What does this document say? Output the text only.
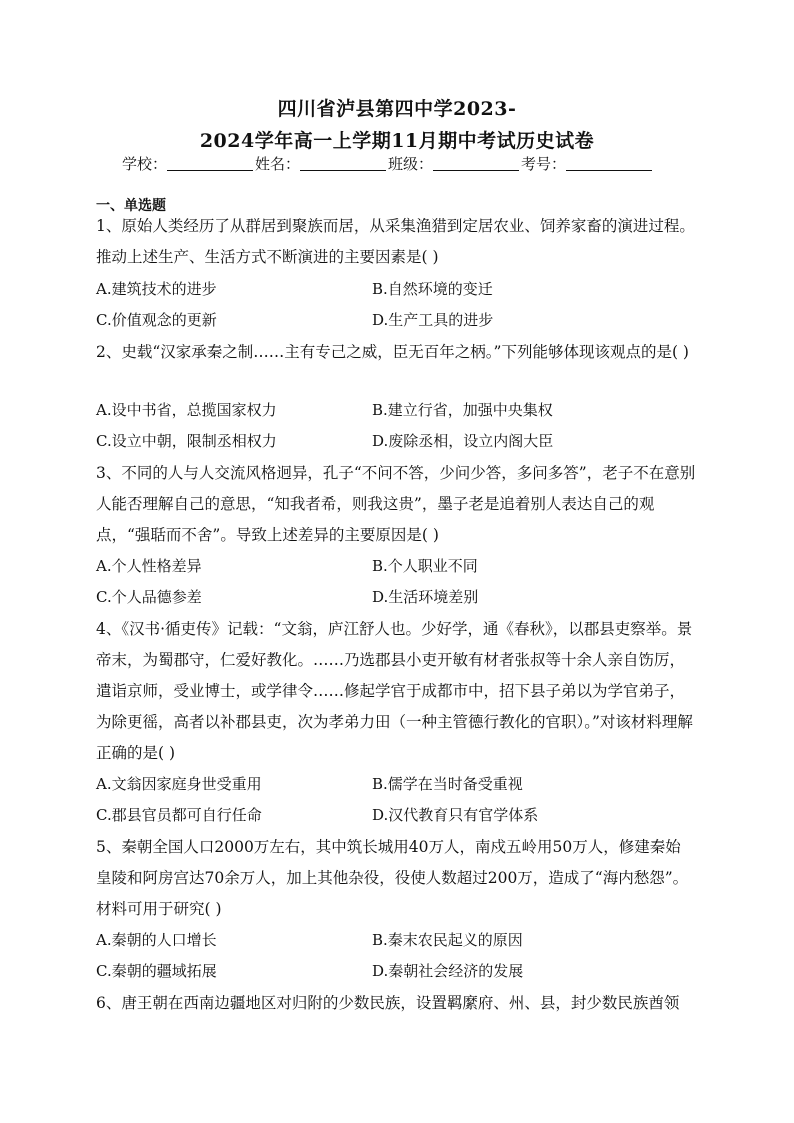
四川省泸县第四中学2023-
2024学年高一上学期11月期中考试历史试卷
学校：	姓名：	班级：	考号：
一、单选题
1、原始人类经历了从群居到聚族而居，从采集渔猎到定居农业、饲养家畜的演进过程。推动上述生产、生活方式不断演进的主要因素是( )
A.建筑技术的进步	B.自然环境的变迁
C.价值观念的更新	D.生产工具的进步
2、史载“汉家承秦之制……主有专己之威，臣无百年之柄。”下列能够体现该观点的是( )
A.设中书省，总揽国家权力	B.建立行省，加强中央集权
C.设立中朝，限制丞相权力	D.废除丞相，设立内阁大臣
3、不同的人与人交流风格迥异，孔子“不问不答，少问少答，多问多答”，老子不在意别人能否理解自己的意思，“知我者希，则我这贵”，墨子老是追着别人表达自己的观点，“强聒而不舍”。导致上述差异的主要原因是( )
A.个人性格差异	B.个人职业不同
C.个人品德参差	D.生活环境差别
4、《汉书·循吏传》记载：“文翁，庐江舒人也。少好学，通《春秋》，以郡县吏察举。景帝末，为蜀郡守，仁爱好教化。……乃选郡县小吏开敏有材者张叔等十余人亲自饬厉，遣诣京师，受业博士，或学律令……修起学官于成都市中，招下县子弟以为学官弟子，为除更徭，高者以补郡县吏，次为孝弟力田（一种主管德行教化的官职）。”对该材料理解正确的是( )
A.文翁因家庭身世受重用	B.儒学在当时备受重视
C.郡县官员都可自行任命	D.汉代教育只有官学体系
5、秦朝全国人口2000万左右，其中筑长城用40万人，南戍五岭用50万人，修建秦始皇陵和阿房宫达70余万人，加上其他杂役，役使人数超过200万，造成了“海内愁怨”。材料可用于研究( )
A.秦朝的人口增长	B.秦末农民起义的原因
C.秦朝的疆域拓展	D.秦朝社会经济的发展
6、唐王朝在西南边疆地区对归附的少数民族，设置羁縻府、州、县，封少数民族酋领
